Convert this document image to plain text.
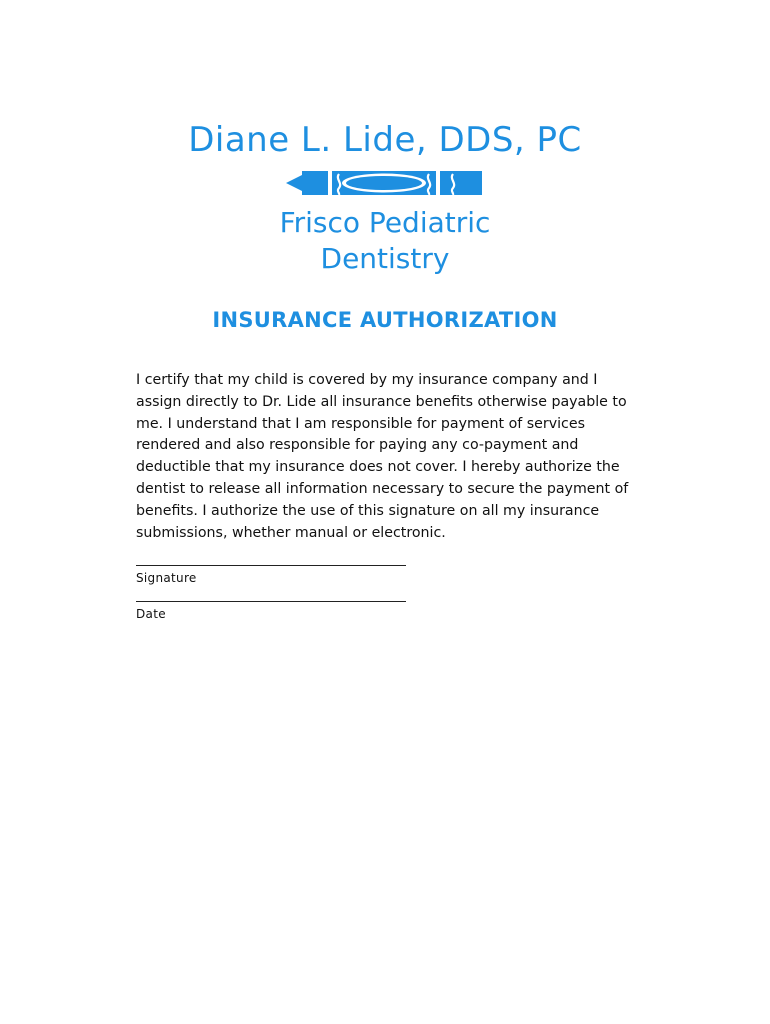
Diane L. Lide, DDS, PC
Frisco Pediatric
Dentistry
INSURANCE AUTHORIZATION

I certify that my child is covered by my insurance company and I assign directly to Dr. Lide all insurance benefits otherwise payable to me. I understand that I am responsible for payment of services rendered and also responsible for paying any co-payment and deductible that my insurance does not cover. I hereby authorize the dentist to release all information necessary to secure the payment of benefits. I authorize the use of this signature on all my insurance submissions, whether manual or electronic.

Signature
Date
